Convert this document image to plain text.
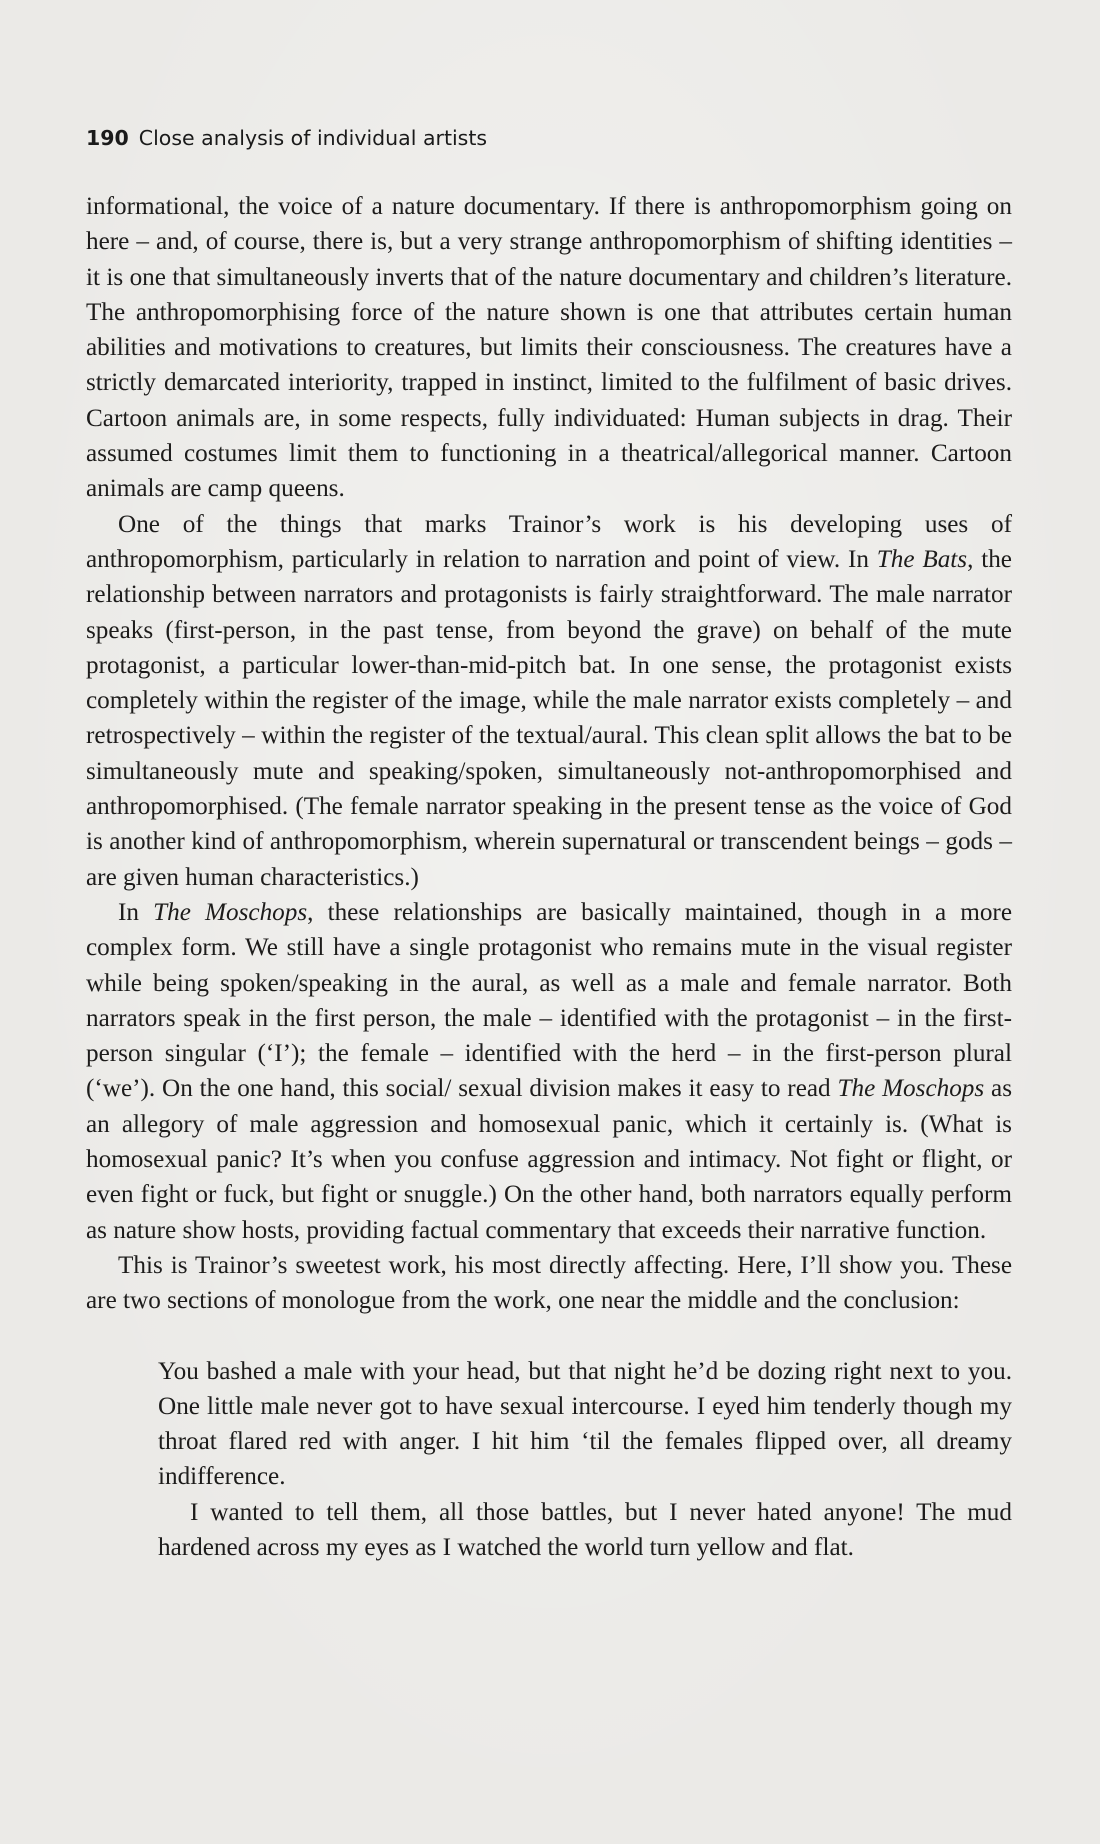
190 Close analysis of individual artists

informational, the voice of a nature documentary. If there is anthropomorphism going on here – and, of course, there is, but a very strange anthropomorphism of shifting identities – it is one that simultaneously inverts that of the nature documentary and children’s literature. The anthropomorphising force of the nature shown is one that attributes certain human abilities and motivations to creatures, but limits their consciousness. The creatures have a strictly demarcated interiority, trapped in instinct, limited to the fulfilment of basic drives. Cartoon animals are, in some respects, fully individuated: Human subjects in drag. Their assumed costumes limit them to functioning in a theatrical/allegorical manner. Cartoon animals are camp queens.

One of the things that marks Trainor’s work is his developing uses of anthropomorphism, particularly in relation to narration and point of view. In The Bats, the relationship between narrators and protagonists is fairly straightforward. The male narrator speaks (first-person, in the past tense, from beyond the grave) on behalf of the mute protagonist, a particular lower-than-mid-pitch bat. In one sense, the protagonist exists completely within the register of the image, while the male narrator exists completely – and retrospectively – within the register of the textual/aural. This clean split allows the bat to be simultaneously mute and speaking/spoken, simultaneously not-anthropomorphised and anthropomorphised. (The female narrator speaking in the present tense as the voice of God is another kind of anthropomorphism, wherein supernatural or transcendent beings – gods – are given human characteristics.)

In The Moschops, these relationships are basically maintained, though in a more complex form. We still have a single protagonist who remains mute in the visual register while being spoken/speaking in the aural, as well as a male and female narrator. Both narrators speak in the first person, the male – identified with the protagonist – in the first-person singular (‘I’); the female – identified with the herd – in the first-person plural (‘we’). On the one hand, this social/ sexual division makes it easy to read The Moschops as an allegory of male aggression and homosexual panic, which it certainly is. (What is homosexual panic? It’s when you confuse aggression and intimacy. Not fight or flight, or even fight or fuck, but fight or snuggle.) On the other hand, both narrators equally perform as nature show hosts, providing factual commentary that exceeds their narrative function.

This is Trainor’s sweetest work, his most directly affecting. Here, I’ll show you. These are two sections of monologue from the work, one near the middle and the conclusion:

You bashed a male with your head, but that night he’d be dozing right next to you. One little male never got to have sexual intercourse. I eyed him tenderly though my throat flared red with anger. I hit him ‘til the females flipped over, all dreamy indifference.

I wanted to tell them, all those battles, but I never hated anyone! The mud hardened across my eyes as I watched the world turn yellow and flat.
